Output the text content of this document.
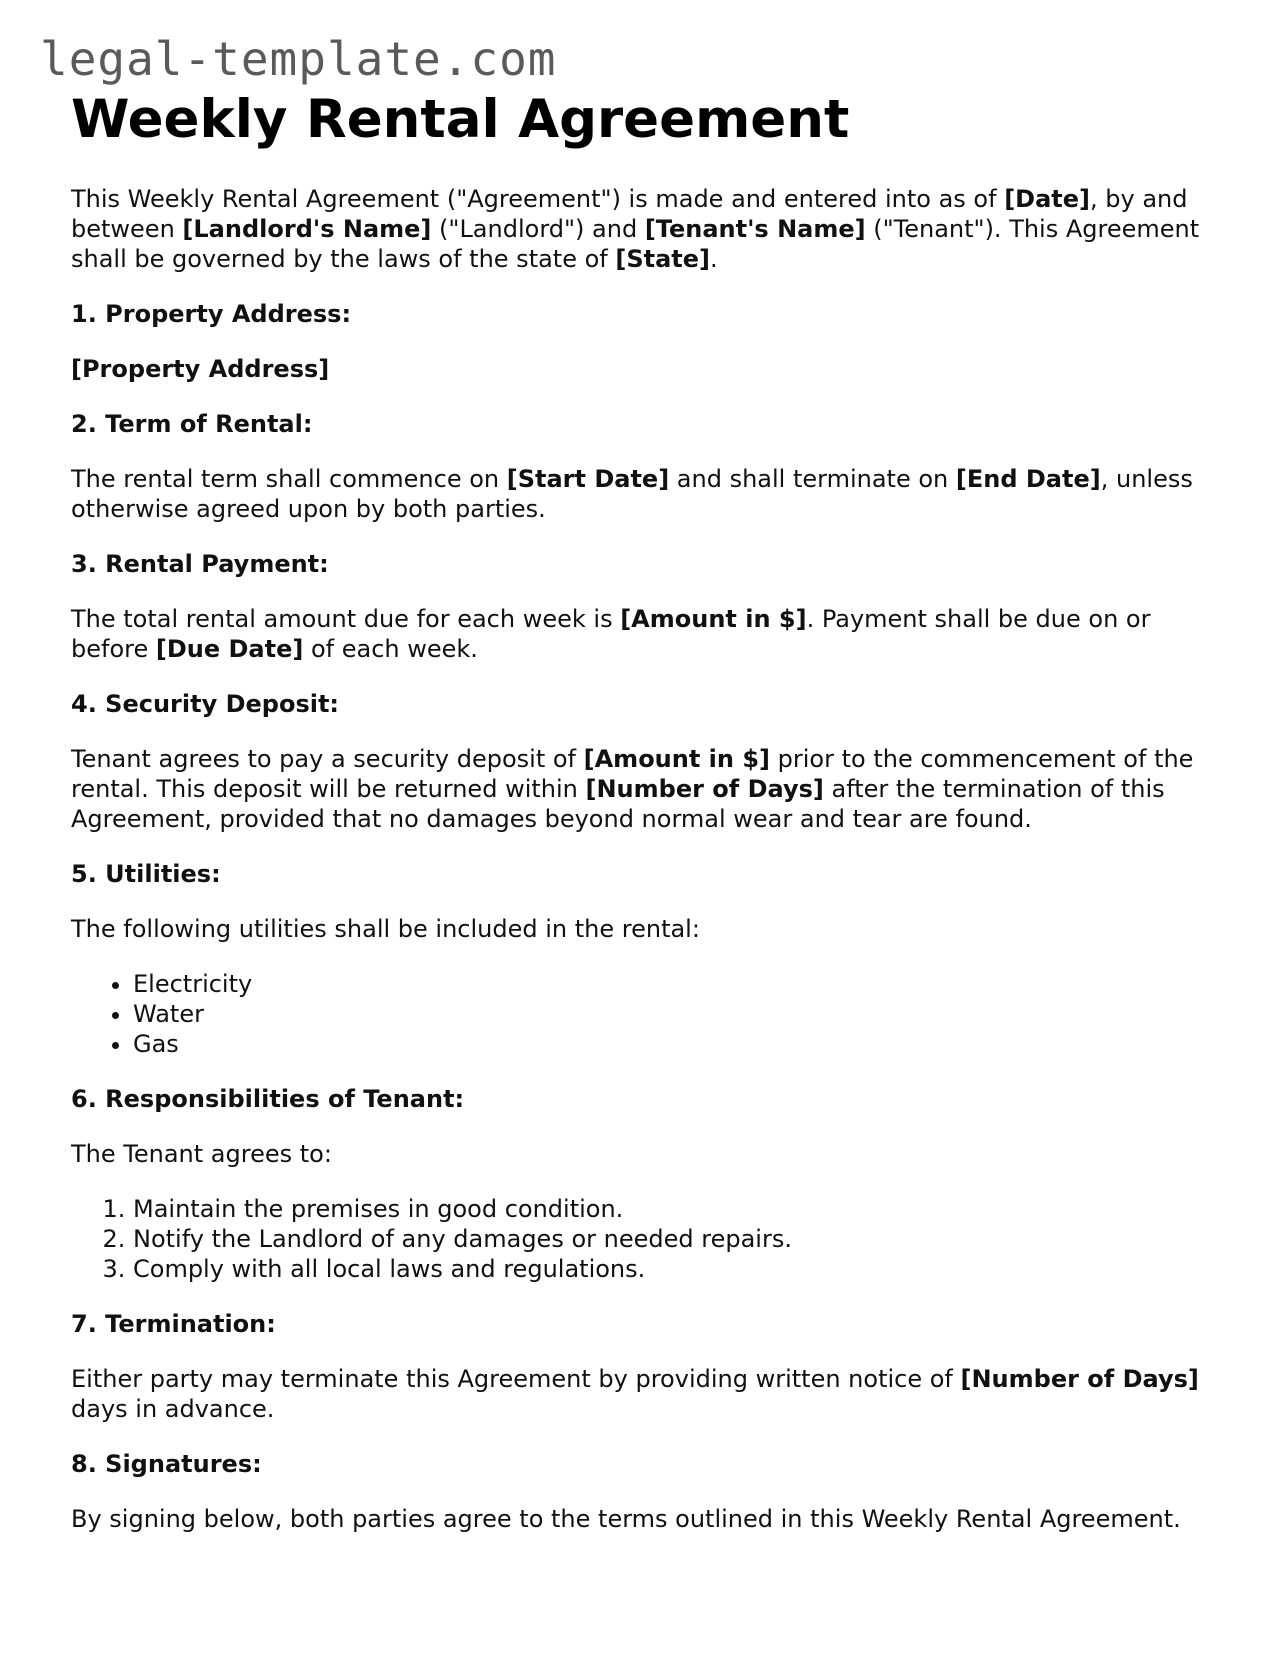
legal-template.com
Weekly Rental Agreement

This Weekly Rental Agreement ("Agreement") is made and entered into as of [Date], by and between [Landlord's Name] ("Landlord") and [Tenant's Name] ("Tenant"). This Agreement shall be governed by the laws of the state of [State].

1. Property Address:

[Property Address]

2. Term of Rental:

The rental term shall commence on [Start Date] and shall terminate on [End Date], unless otherwise agreed upon by both parties.

3. Rental Payment:

The total rental amount due for each week is [Amount in $]. Payment shall be due on or before [Due Date] of each week.

4. Security Deposit:

Tenant agrees to pay a security deposit of [Amount in $] prior to the commencement of the rental. This deposit will be returned within [Number of Days] after the termination of this Agreement, provided that no damages beyond normal wear and tear are found.

5. Utilities:

The following utilities shall be included in the rental:

• Electricity
• Water
• Gas

6. Responsibilities of Tenant:

The Tenant agrees to:

1. Maintain the premises in good condition.
2. Notify the Landlord of any damages or needed repairs.
3. Comply with all local laws and regulations.

7. Termination:

Either party may terminate this Agreement by providing written notice of [Number of Days] days in advance.

8. Signatures:

By signing below, both parties agree to the terms outlined in this Weekly Rental Agreement.
